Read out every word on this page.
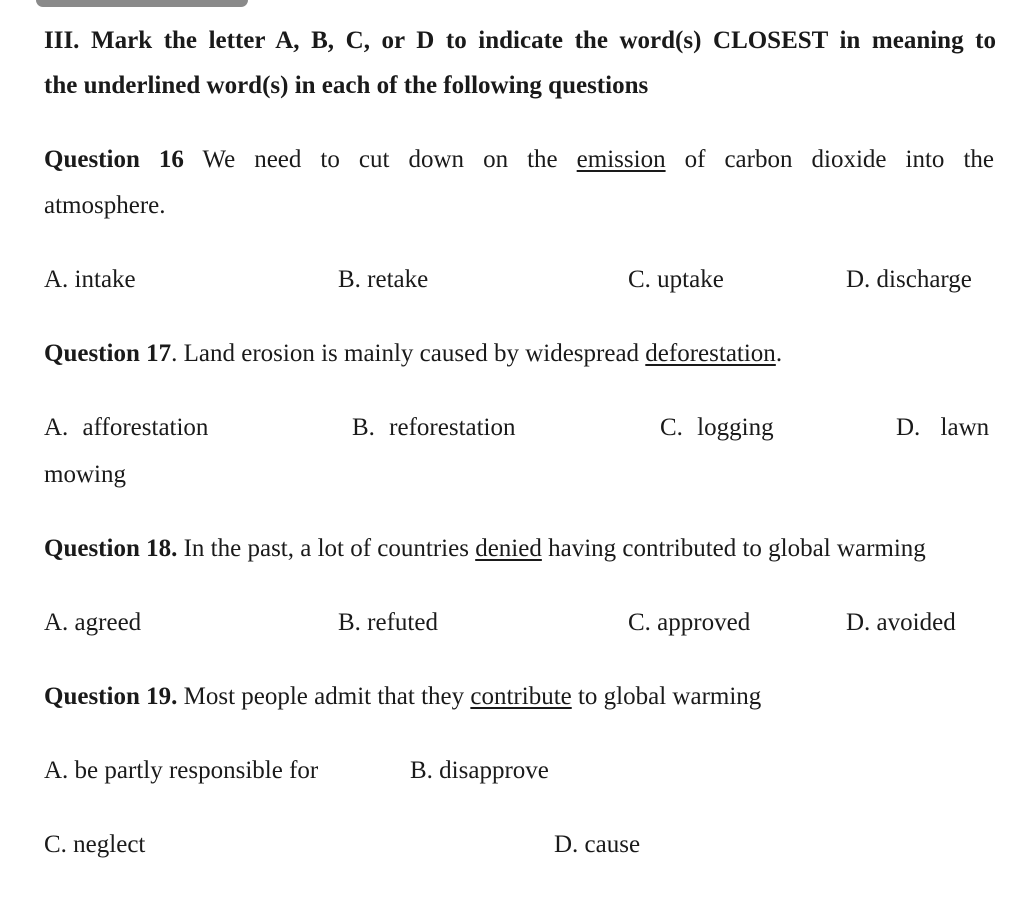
III. Mark the letter A, B, C, or D to indicate the word(s) CLOSEST in meaning to
the underlined word(s) in each of the following questions
Question 16 We need to cut down on the emission of carbon dioxide into the
atmosphere.
A. intake	B. retake	C. uptake	D. discharge
Question 17. Land erosion is mainly caused by widespread deforestation.
A. afforestation	B. reforestation	C. logging	D. lawn
mowing
Question 18. In the past, a lot of countries denied having contributed to global warming
A. agreed	B. refuted	C. approved	D. avoided
Question 19. Most people admit that they contribute to global warming
A. be partly responsible for	B. disapprove
C. neglect	D. cause
